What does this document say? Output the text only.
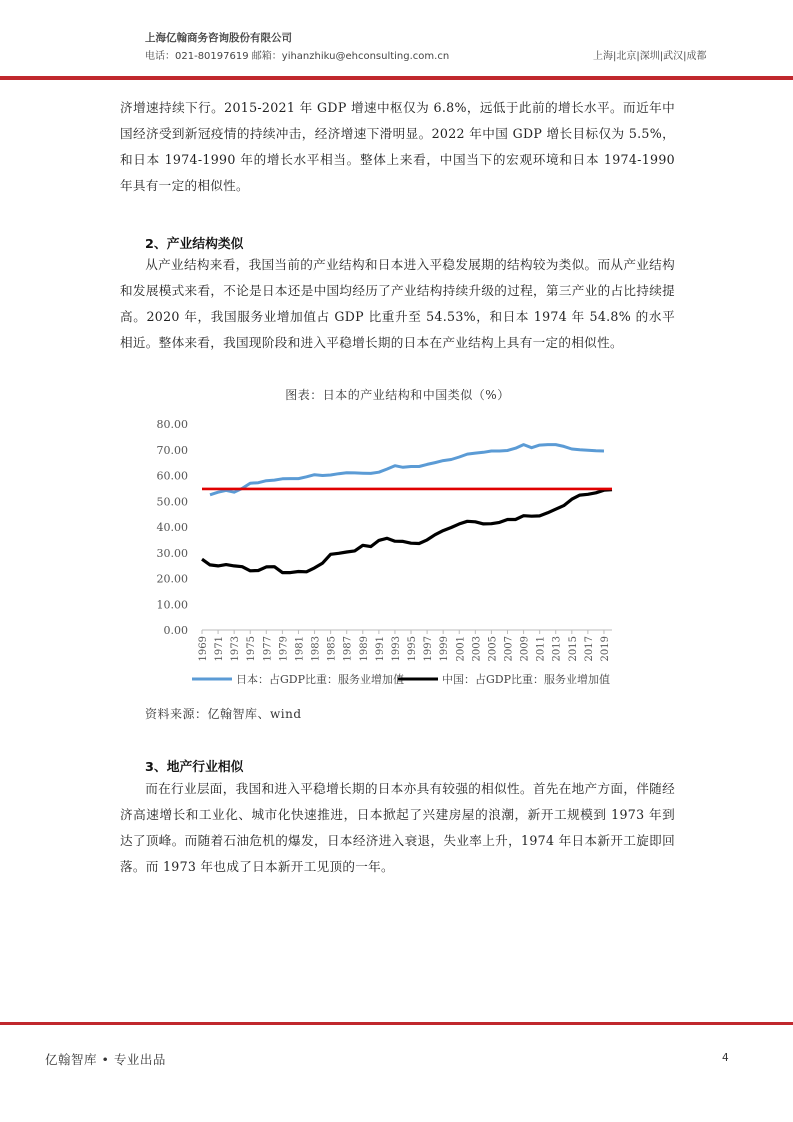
上海亿翰商务咨询股份有限公司
电话：021-80197619 邮箱：yihanzhiku@ehconsulting.com.cn	上海|北京|深圳|武汉|成都

济增速持续下行。2015-2021 年 GDP 增速中枢仅为 6.8%，远低于此前的增长水平。而近年中国经济受到新冠疫情的持续冲击，经济增速下滑明显。2022 年中国 GDP 增长目标仅为 5.5%，和日本 1974-1990 年的增长水平相当。整体上来看，中国当下的宏观环境和日本 1974-1990 年具有一定的相似性。

2、产业结构类似

从产业结构来看，我国当前的产业结构和日本进入平稳发展期的结构较为类似。而从产业结构和发展模式来看，不论是日本还是中国均经历了产业结构持续升级的过程，第三产业的占比持续提高。2020 年，我国服务业增加值占 GDP 比重升至 54.53%，和日本 1974 年 54.8% 的水平相近。整体来看，我国现阶段和进入平稳增长期的日本在产业结构上具有一定的相似性。

图表：日本的产业结构和中国类似（%）
80.00
70.00
60.00
50.00
40.00
30.00
20.00
10.00
0.00
1969 1971 1973 1975 1977 1979 1981 1983 1985 1987 1989 1991 1993 1995 1997 1999 2001 2003 2005 2007 2009 2011 2013 2015 2017 2019
日本：占GDP比重：服务业增加值	中国：占GDP比重：服务业增加值
资料来源：亿翰智库、wind
3、地产行业相似

而在行业层面，我国和进入平稳增长期的日本亦具有较强的相似性。首先在地产方面，伴随经济高速增长和工业化、城市化快速推进，日本掀起了兴建房屋的浪潮，新开工规模到 1973 年到达了顶峰。而随着石油危机的爆发，日本经济进入衰退，失业率上升，1974 年日本新开工旋即回落。而 1973 年也成了日本新开工见顶的一年。

亿翰智库 • 专业出品	4
